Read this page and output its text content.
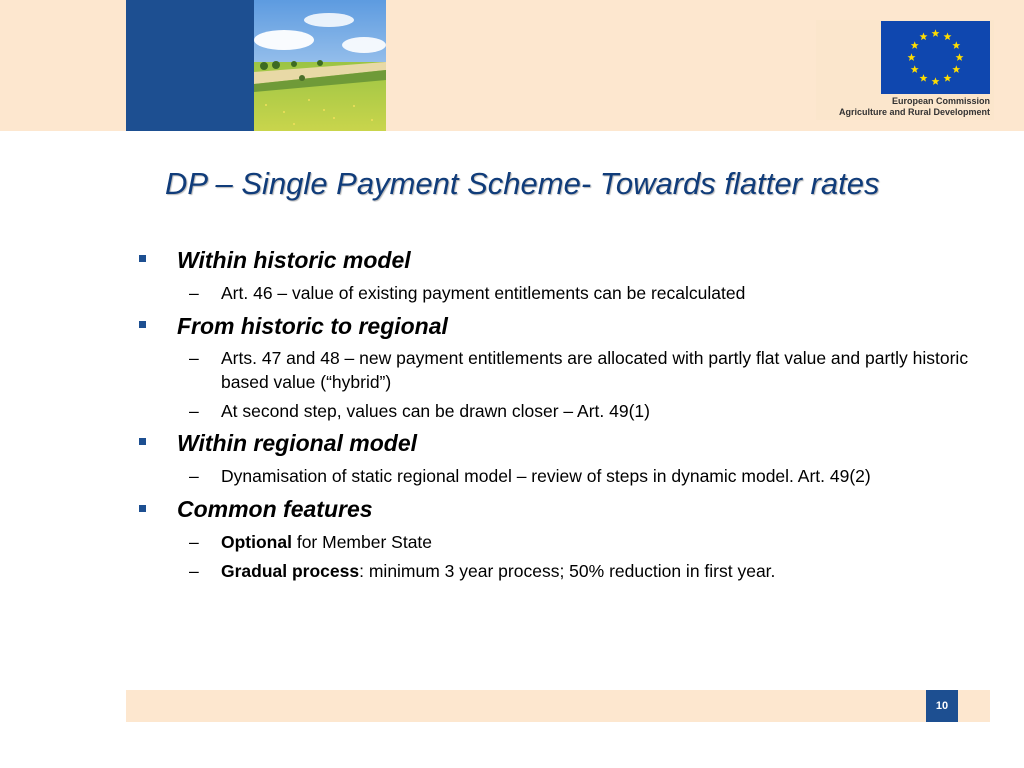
European Commission
Agriculture and Rural Development
DP – Single Payment Scheme- Towards flatter rates
Within historic model
– Art. 46 – value of existing payment entitlements can be recalculated
From historic to regional
– Arts. 47 and 48 – new payment entitlements are allocated with partly flat value and partly historic based value (“hybrid”)
– At second step, values can be drawn closer – Art. 49(1)
Within regional model
– Dynamisation of static regional model – review of steps in dynamic model. Art. 49(2)
Common features
– Optional for Member State
– Gradual process: minimum 3 year process; 50% reduction in first year.
10
